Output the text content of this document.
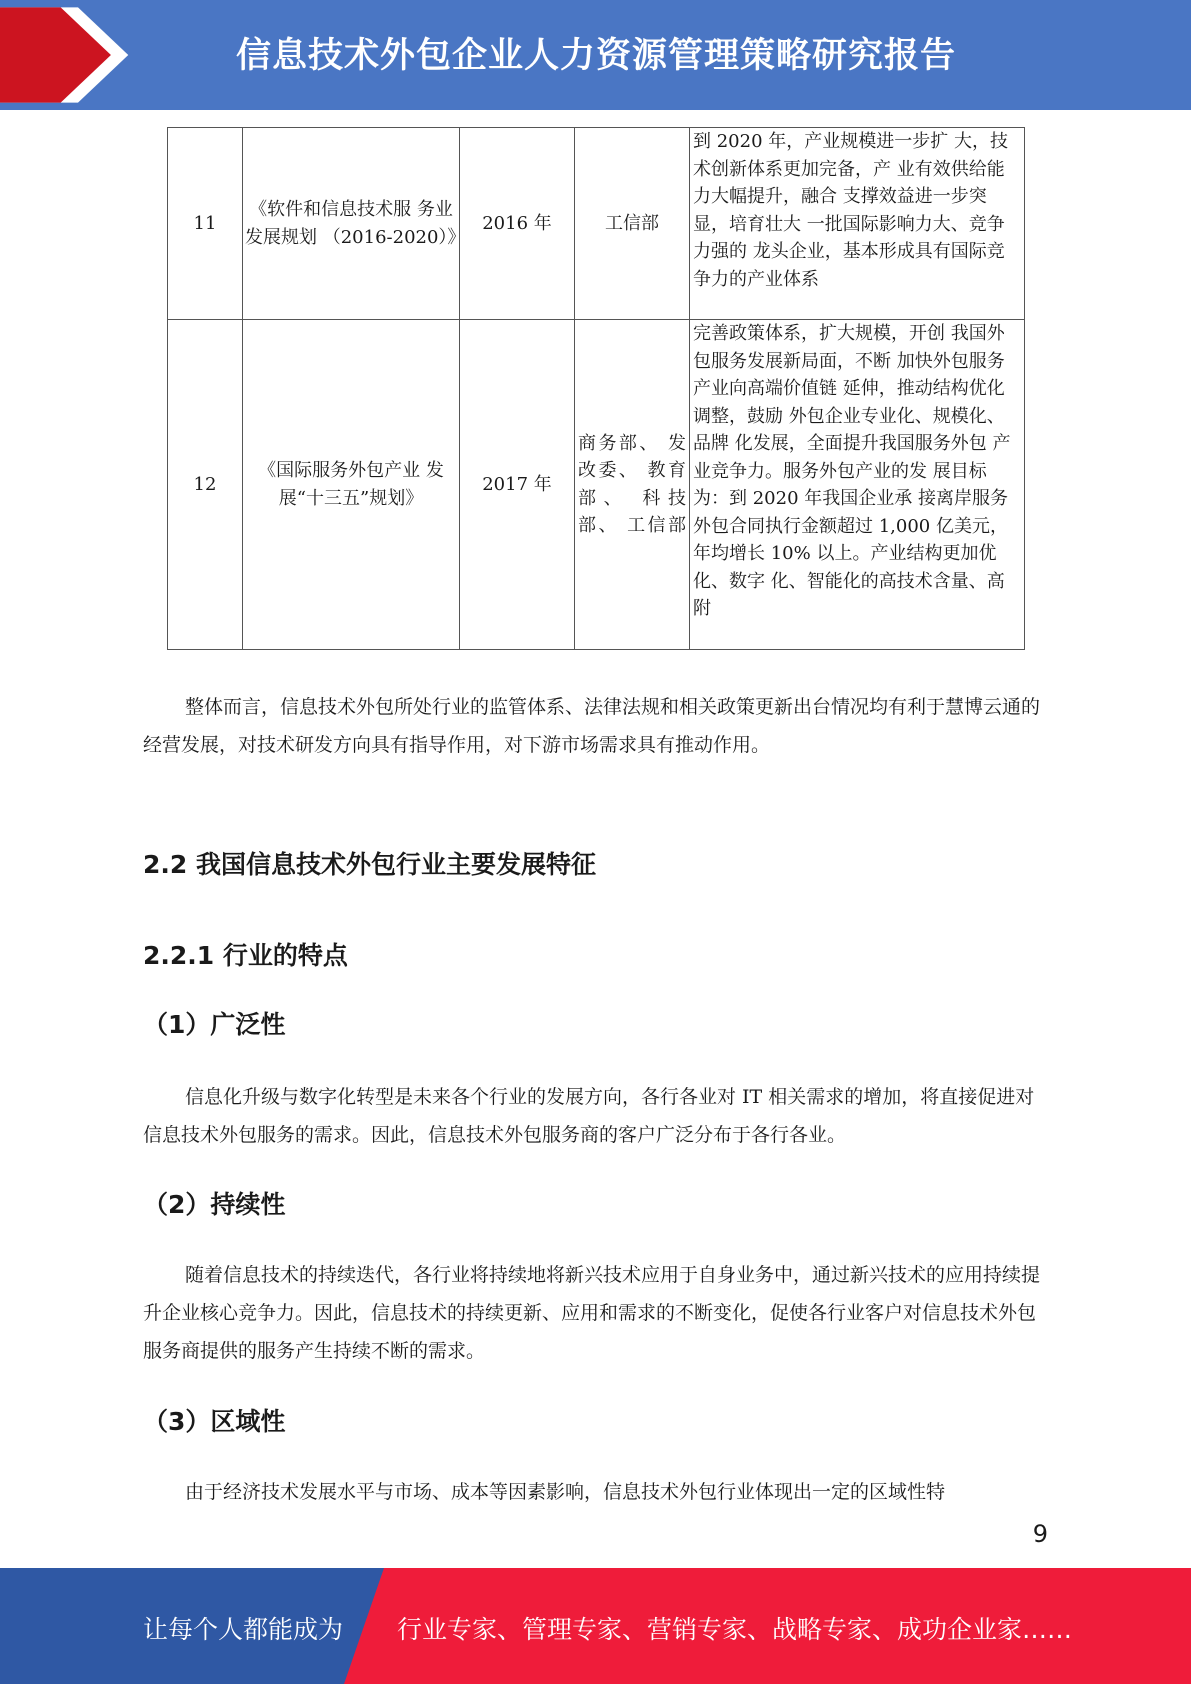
信息技术外包企业人力资源管理策略研究报告
11	《软件和信息技术服 务业发展规划 （2016-2020）》	2016 年	工信部	到 2020 年，产业规模进一步扩 大，技术创新体系更加完备，产 业有效供给能力大幅提升，融合 支撑效益进一步突显，培育壮大 一批国际影响力大、竞争力强的 龙头企业，基本形成具有国际竞 争力的产业体系
12	《国际服务外包产业 发展“十三五”规划》	2017 年	商务部、 发改委、 教育部、 科技部、 工信部	完善政策体系，扩大规模，开创 我国外包服务发展新局面，不断 加快外包服务产业向高端价值链 延伸，推动结构优化调整，鼓励 外包企业专业化、规模化、品牌 化发展，全面提升我国服务外包 产业竞争力。服务外包产业的发 展目标为：到 2020 年我国企业承 接离岸服务外包合同执行金额超过 1,000 亿美元，年均增长 10% 以上。产业结构更加优化、数字 化、智能化的高技术含量、高附

整体而言，信息技术外包所处行业的监管体系、法律法规和相关政策更新出台情况均有利于慧博云通的经营发展，对技术研发方向具有指导作用，对下游市场需求具有推动作用。

2.2 我国信息技术外包行业主要发展特征
2.2.1 行业的特点
（1）广泛性

信息化升级与数字化转型是未来各个行业的发展方向，各行各业对 IT 相关需求的增加，将直接促进对信息技术外包服务的需求。因此，信息技术外包服务商的客户广泛分布于各行各业。

（2）持续性

随着信息技术的持续迭代，各行业将持续地将新兴技术应用于自身业务中，通过新兴技术的应用持续提升企业核心竞争力。因此，信息技术的持续更新、应用和需求的不断变化，促使各行业客户对信息技术外包服务商提供的服务产生持续不断的需求。

（3）区域性

由于经济技术发展水平与市场、成本等因素影响，信息技术外包行业体现出一定的区域性特

9
让每个人都能成为 行业专家、管理专家、营销专家、战略专家、成功企业家……
